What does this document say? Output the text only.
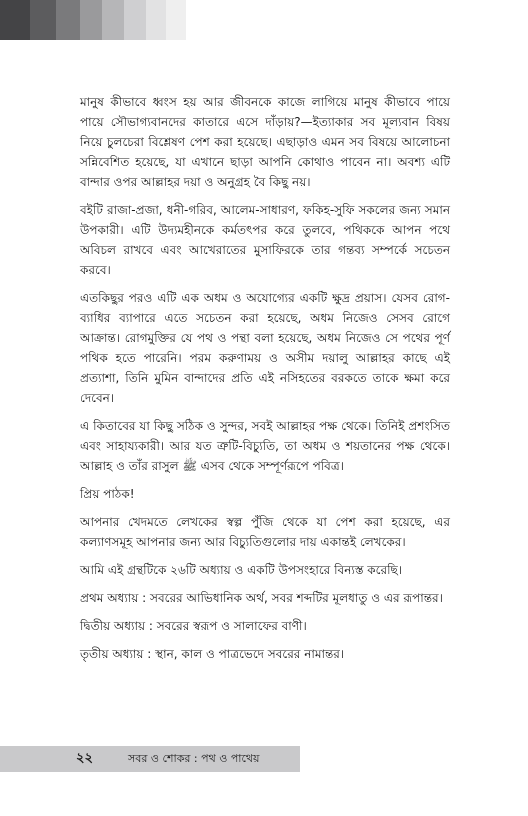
মানুষ কীভাবে ধ্বংস হয় আর জীবনকে কাজে লাগিয়ে মানুষ কীভাবে পায়ে পায়ে সৌভাগ্যবানদের কাতারে এসে দাঁড়ায়?—ইত্যাকার সব মূল্যবান বিষয় নিয়ে চুলচেরা বিশ্লেষণ পেশ করা হয়েছে। এছাড়াও এমন সব বিষয়ে আলোচনা সন্নিবেশিত হয়েছে, যা এখানে ছাড়া আপনি কোথাও পাবেন না। অবশ্য এটি বান্দার ওপর আল্লাহর দয়া ও অনুগ্রহ বৈ কিছু নয়।

বইটি রাজা-প্রজা, ধনী-গরিব, আলেম-সাধারণ, ফকিহ-সুফি সকলের জন্য সমান উপকারী। এটি উদ্যমহীনকে কর্মতৎপর করে তুলবে, পথিককে আপন পথে অবিচল রাখবে এবং আখেরাতের মুসাফিরকে তার গন্তব্য সম্পর্কে সচেতন করবে।

এতকিছুর পরও এটি এক অধম ও অযোগ্যের একটি ক্ষুদ্র প্রয়াস। যেসব রোগ-ব্যাধির ব্যাপারে এতে সচেতন করা হয়েছে, অধম নিজেও সেসব রোগে আক্রান্ত। রোগমুক্তির যে পথ ও পন্থা বলা হয়েছে, অধম নিজেও সে পথের পূর্ণ পথিক হতে পারেনি। পরম করুণাময় ও অসীম দয়ালু আল্লাহর কাছে এই প্রত্যাশা, তিনি মুমিন বান্দাদের প্রতি এই নসিহতের বরকতে তাকে ক্ষমা করে দেবেন।

এ কিতাবের যা কিছু সঠিক ও সুন্দর, সবই আল্লাহর পক্ষ থেকে। তিনিই প্রশংসিত এবং সাহায্যকারী। আর যত ত্রুটি-বিচ্যুতি, তা অধম ও শয়তানের পক্ষ থেকে। আল্লাহ ও তাঁর রাসুল ﷺ এসব থেকে সম্পূর্ণরূপে পবিত্র।

প্রিয় পাঠক!

আপনার খেদমতে লেখকের স্বল্প পুঁজি থেকে যা পেশ করা হয়েছে, এর কল্যাণসমূহ আপনার জন্য আর বিচ্যুতিগুলোর দায় একান্তই লেখকের।

আমি এই গ্রন্থটিকে ২৬টি অধ্যায় ও একটি উপসংহারে বিন্যস্ত করেছি।

প্রথম অধ্যায় : সবরের আভিধানিক অর্থ, সবর শব্দটির মূলধাতু ও এর রূপান্তর।

দ্বিতীয় অধ্যায় : সবরের স্বরূপ ও সালাফের বাণী।

তৃতীয় অধ্যায় : স্থান, কাল ও পাত্রভেদে সবরের নামান্তর।

২২	সবর ও শোকর : পথ ও পাথেয়
